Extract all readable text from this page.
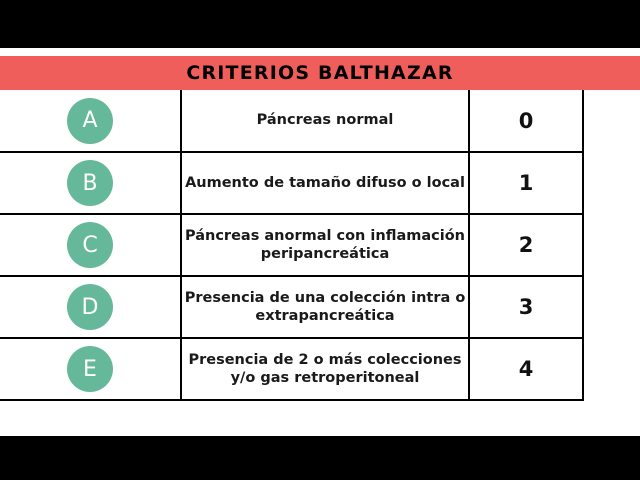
CRITERIOS BALTHAZAR
A	Páncreas normal	0

B	Aumento de tamaño difuso o local	1

C	Páncreas anormal con inflamación peripancreática	2

D	Presencia de una colección intra o extrapancreática	3

E	Presencia de 2 o más colecciones y/o gas retroperitoneal	4
